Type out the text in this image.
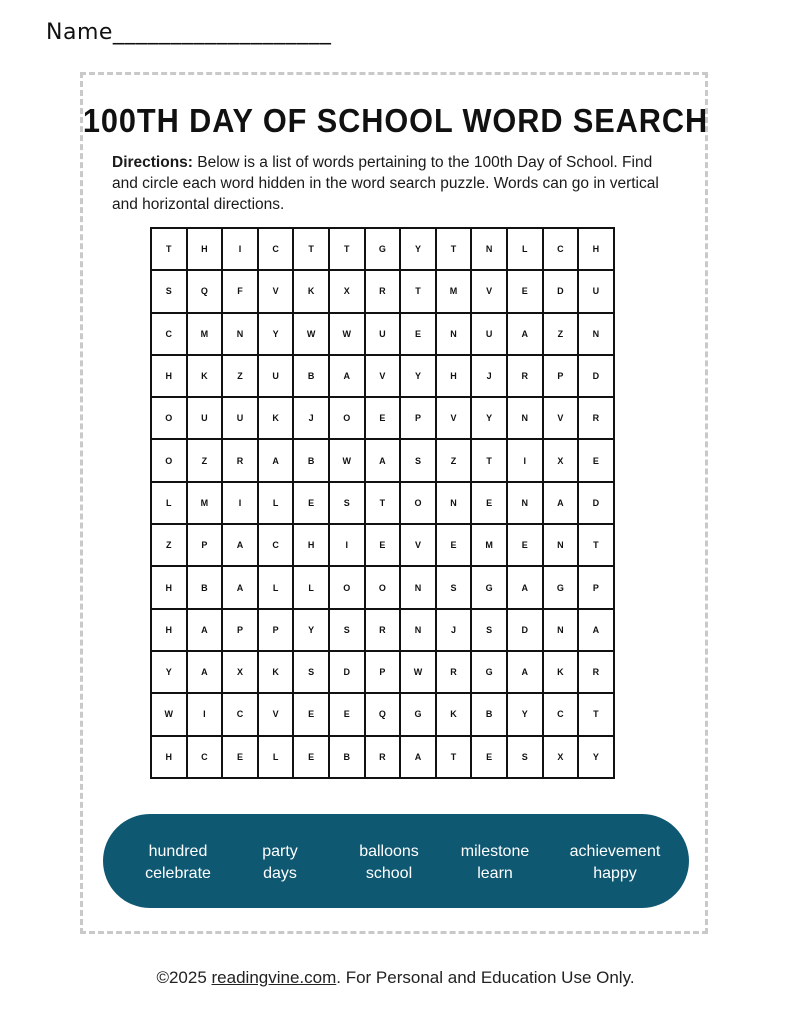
Name___________________
100TH DAY OF SCHOOL WORD SEARCH
Directions: Below is a list of words pertaining to the 100th Day of School. Find and circle each word hidden in the word search puzzle. Words can go in vertical and horizontal directions.
T	H	I	C	T	T	G	Y	T	N	L	C	H
S	Q	F	V	K	X	R	T	M	V	E	D	U
C	M	N	Y	W	W	U	E	N	U	A	Z	N
H	K	Z	U	B	A	V	Y	H	J	R	P	D
O	U	U	K	J	O	E	P	V	Y	N	V	R
O	Z	R	A	B	W	A	S	Z	T	I	X	E
L	M	I	L	E	S	T	O	N	E	N	A	D
Z	P	A	C	H	I	E	V	E	M	E	N	T
H	B	A	L	L	O	O	N	S	G	A	G	P
H	A	P	P	Y	S	R	N	J	S	D	N	A
Y	A	X	K	S	D	P	W	R	G	A	K	R
W	I	C	V	E	E	Q	G	K	B	Y	C	T
H	C	E	L	E	B	R	A	T	E	S	X	Y
hundred
celebrate
party
days
balloons
school
milestone
learn
achievement
happy
©2025 readingvine.com. For Personal and Education Use Only.
